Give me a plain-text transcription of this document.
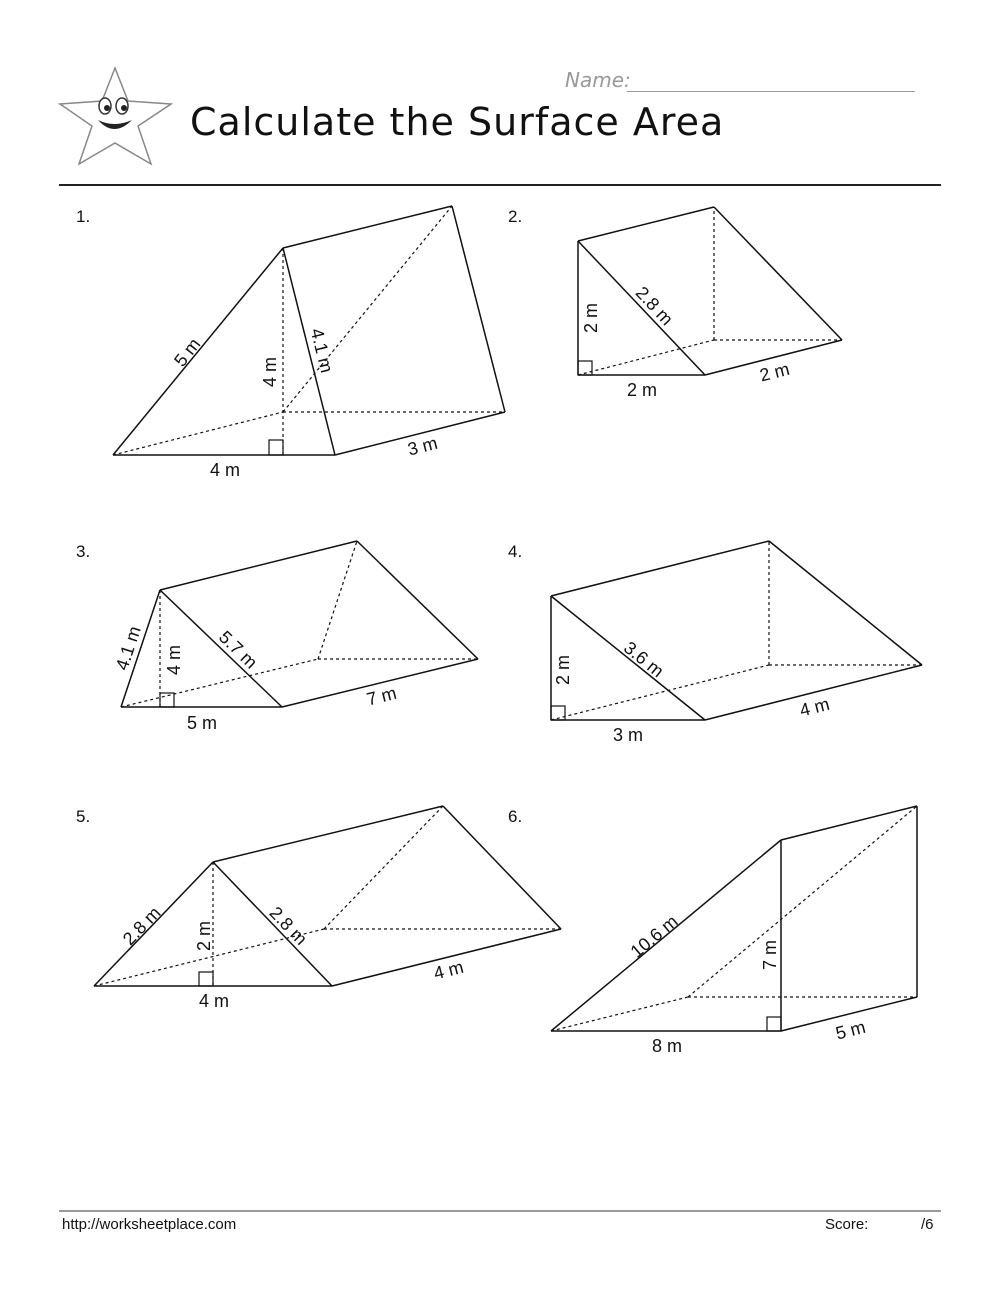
Name:
Calculate the Surface Area
1.	2.
3.	4.
5.	6.
5 m
4 m 4.1 m
4 m
3 m
2 m 2.8 m
2 m
2 m
4.1 m 4 m 5.7 m
5 m
7 m
2 m	3.6 m
3 m
4 m
2.8 m 2 m	2.8 m
4 m
4 m
10.6 m	7 m
8 m
5 m
http://worksheetplace.com	Score:	/6
